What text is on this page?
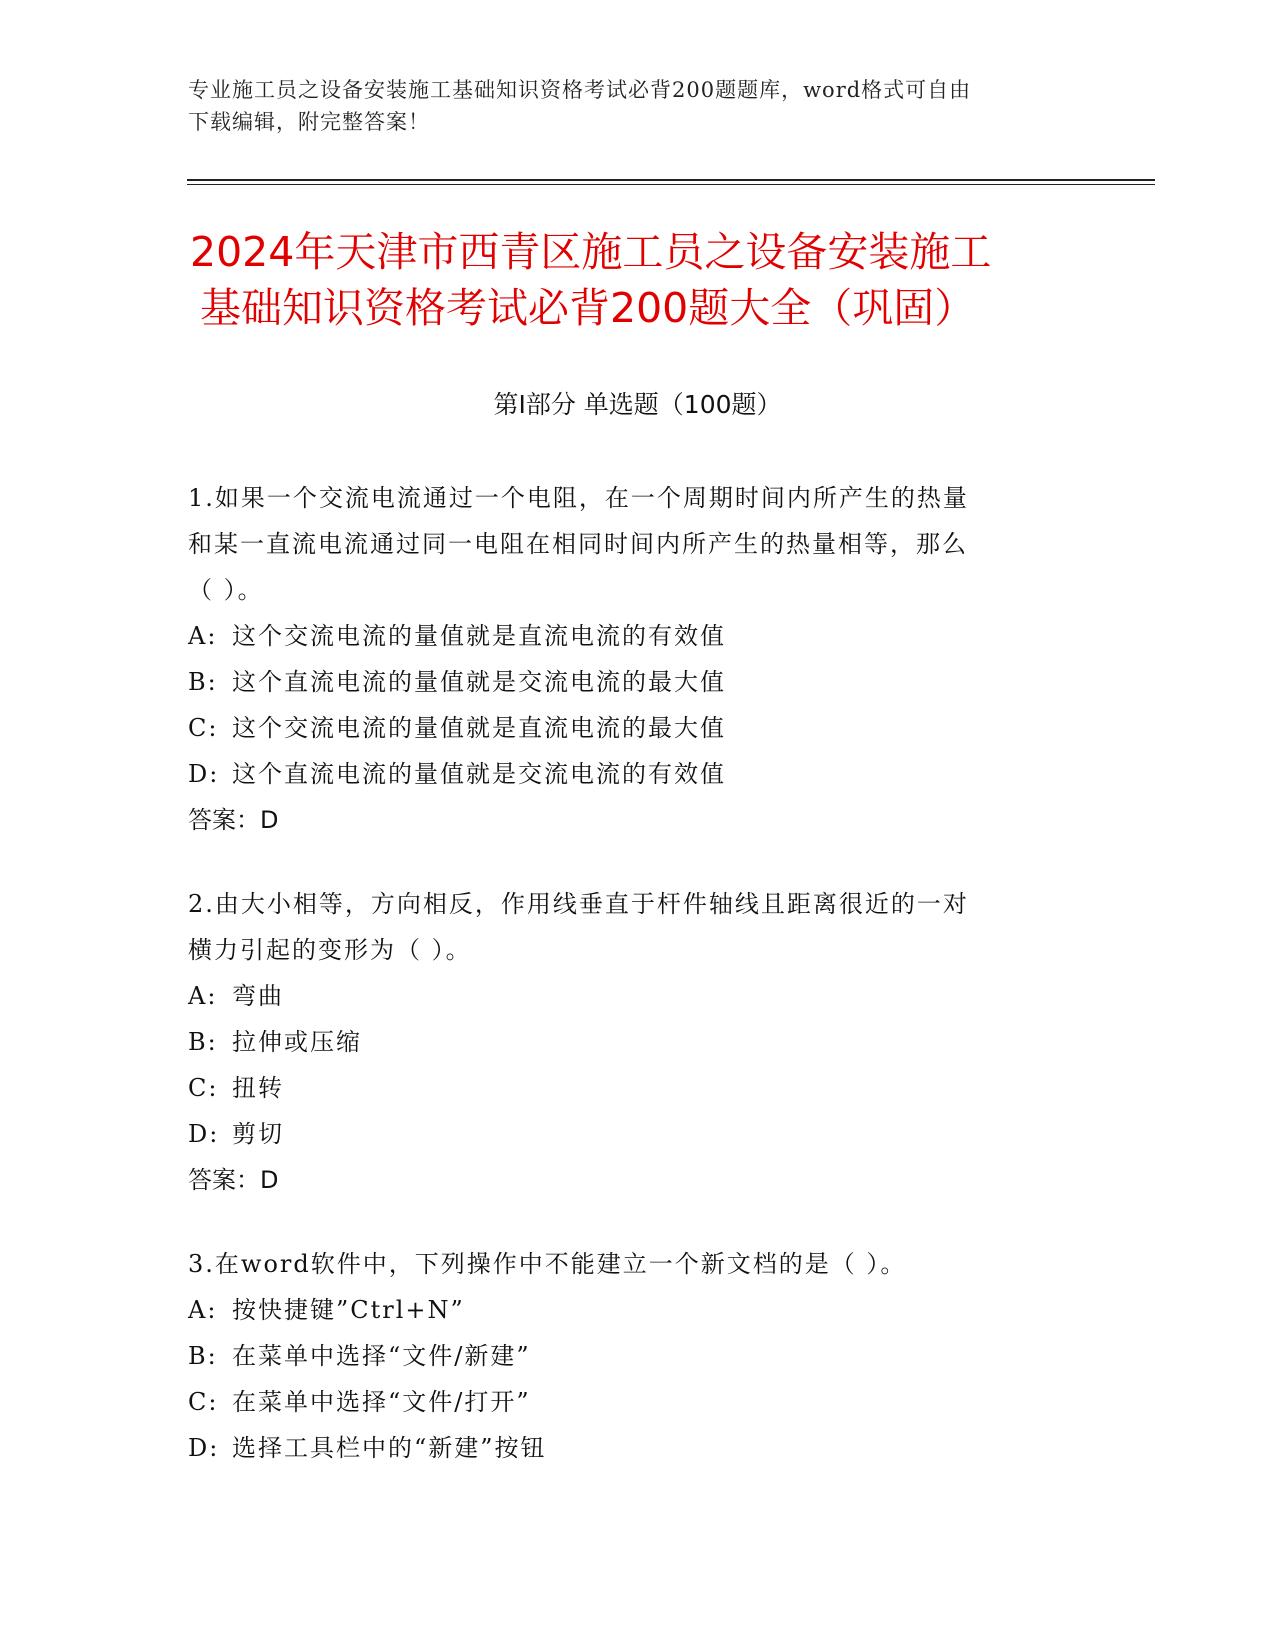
专业施工员之设备安装施工基础知识资格考试必背200题题库，word格式可自由
下载编辑，附完整答案！
2024年天津市西青区施工员之设备安装施工
基础知识资格考试必背200题大全（巩固）
第Ⅰ部分 单选题（100题）
1.如果一个交流电流通过一个电阻，在一个周期时间内所产生的热量
和某一直流电流通过同一电阻在相同时间内所产生的热量相等，那么
（ ）。
A: 这个交流电流的量值就是直流电流的有效值
B: 这个直流电流的量值就是交流电流的最大值
C: 这个交流电流的量值就是直流电流的最大值
D: 这个直流电流的量值就是交流电流的有效值
答案：D
2.由大小相等，方向相反，作用线垂直于杆件轴线且距离很近的一对
横力引起的变形为（ ）。
A: 弯曲
B: 拉伸或压缩
C: 扭转
D: 剪切
答案：D
3.在word软件中，下列操作中不能建立一个新文档的是（ ）。
A: 按快捷键”Ctrl+N”
B: 在菜单中选择“文件/新建”
C: 在菜单中选择“文件/打开”
D: 选择工具栏中的“新建”按钮
